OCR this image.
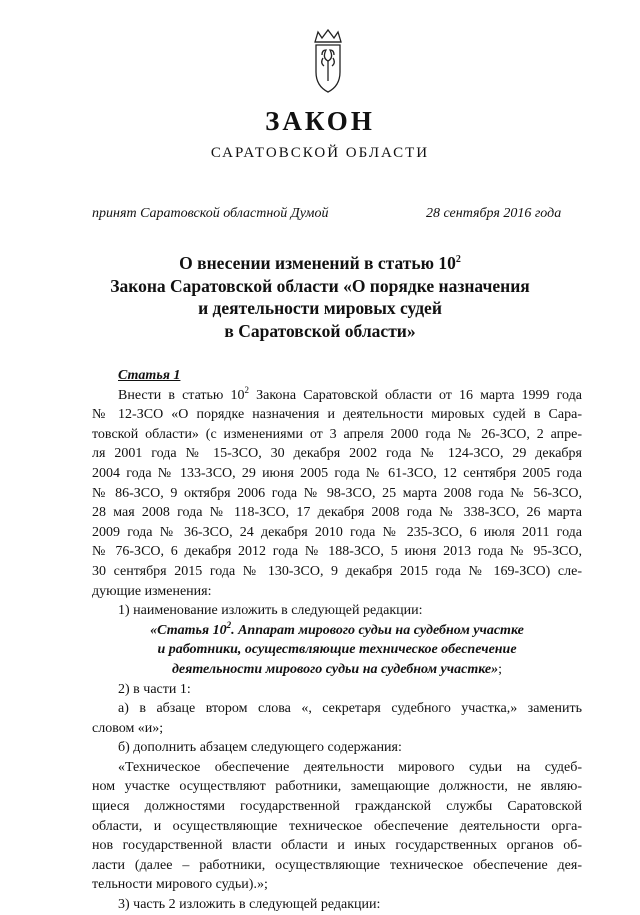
ЗАКОН
САРАТОВСКОЙ ОБЛАСТИ
принят Саратовской областной Думой	28 сентября 2016 года
О внесении изменений в статью $10^2$
Закона Саратовской области «О порядке назначения
и деятельности мировых судей
в Саратовской области»
Статья 1

Внести в статью $10^2$ Закона Саратовской области от 16 марта 1999 года

№ 12-ЗСО «О порядке назначения и деятельности мировых судей в Сара-

товской области» (с изменениями от 3 апреля 2000 года № 26-ЗСО, 2 апре-

ля 2001 года № 15-ЗСО, 30 декабря 2002 года № 124-ЗСО, 29 декабря

2004 года № 133-ЗСО, 29 июня 2005 года № 61-ЗСО, 12 сентября 2005 года

№ 86-ЗСО, 9 октября 2006 года № 98-ЗСО, 25 марта 2008 года № 56-ЗСО,

28 мая 2008 года № 118-ЗСО, 17 декабря 2008 года № 338-ЗСО, 26 марта

2009 года № 36-ЗСО, 24 декабря 2010 года № 235-ЗСО, 6 июля 2011 года

№ 76-ЗСО, 6 декабря 2012 года № 188-ЗСО, 5 июня 2013 года № 95-ЗСО,

30 сентября 2015 года № 130-ЗСО, 9 декабря 2015 года № 169-ЗСО) сле-

дующие изменения:

1) наименование изложить в следующей редакции:

«Статья $10^2$. Аппарат мирового судьи на судебном участке

и работники, осуществляющие техническое обеспечение

деятельности мирового судьи на судебном участке»;

2) в части 1:

а) в абзаце втором слова «, секретаря судебного участка,» заменить

словом «и»;

б) дополнить абзацем следующего содержания:

«Техническое обеспечение деятельности мирового судьи на судеб-

ном участке осуществляют работники, замещающие должности, не являю-

щиеся должностями государственной гражданской службы Саратовской

области, и осуществляющие техническое обеспечение деятельности орга-

нов государственной власти области и иных государственных органов об-

ласти (далее – работники, осуществляющие техническое обеспечение дея-

тельности мирового судьи).»;

3) часть 2 изложить в следующей редакции:
